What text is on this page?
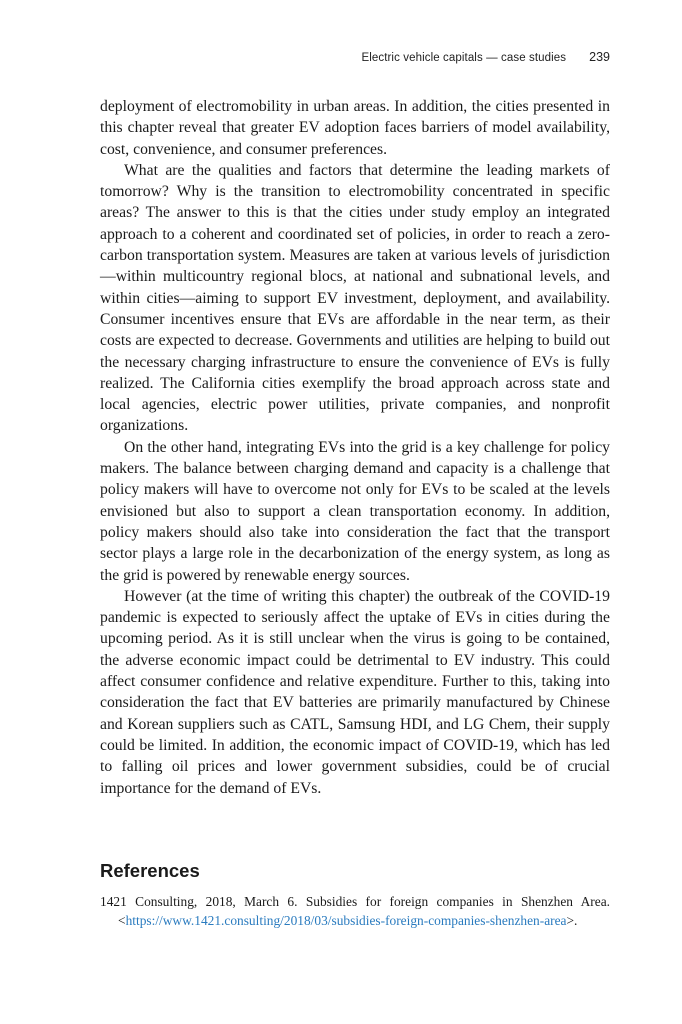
Electric vehicle capitals — case studies 239

deployment of electromobility in urban areas. In addition, the cities presented in this chapter reveal that greater EV adoption faces barriers of model availability, cost, convenience, and consumer preferences.

What are the qualities and factors that determine the leading markets of tomorrow? Why is the transition to electromobility concentrated in specific areas? The answer to this is that the cities under study employ an integrated approach to a coherent and coordinated set of policies, in order to reach a zero-carbon transportation system. Measures are taken at various levels of jurisdiction—within multicountry regional blocs, at national and subnational levels, and within cities—aiming to support EV investment, deployment, and availability. Consumer incentives ensure that EVs are affordable in the near term, as their costs are expected to decrease. Governments and utilities are helping to build out the necessary charging infrastructure to ensure the convenience of EVs is fully realized. The California cities exemplify the broad approach across state and local agencies, electric power utilities, private companies, and nonprofit organizations.

On the other hand, integrating EVs into the grid is a key challenge for policy makers. The balance between charging demand and capacity is a challenge that policy makers will have to overcome not only for EVs to be scaled at the levels envisioned but also to support a clean transportation economy. In addition, policy makers should also take into consideration the fact that the transport sector plays a large role in the decarbonization of the energy system, as long as the grid is powered by renewable energy sources.

However (at the time of writing this chapter) the outbreak of the COVID-19 pandemic is expected to seriously affect the uptake of EVs in cities during the upcoming period. As it is still unclear when the virus is going to be contained, the adverse economic impact could be detrimental to EV industry. This could affect consumer confidence and relative expenditure. Further to this, taking into consideration the fact that EV batteries are primarily manufactured by Chinese and Korean suppliers such as CATL, Samsung HDI, and LG Chem, their supply could be limited. In addition, the economic impact of COVID-19, which has led to falling oil prices and lower government subsidies, could be of crucial importance for the demand of EVs.

References

1421 Consulting, 2018, March 6. Subsidies for foreign companies in Shenzhen Area. <https://www.1421.consulting/2018/03/subsidies-foreign-companies-shenzhen-area>.
